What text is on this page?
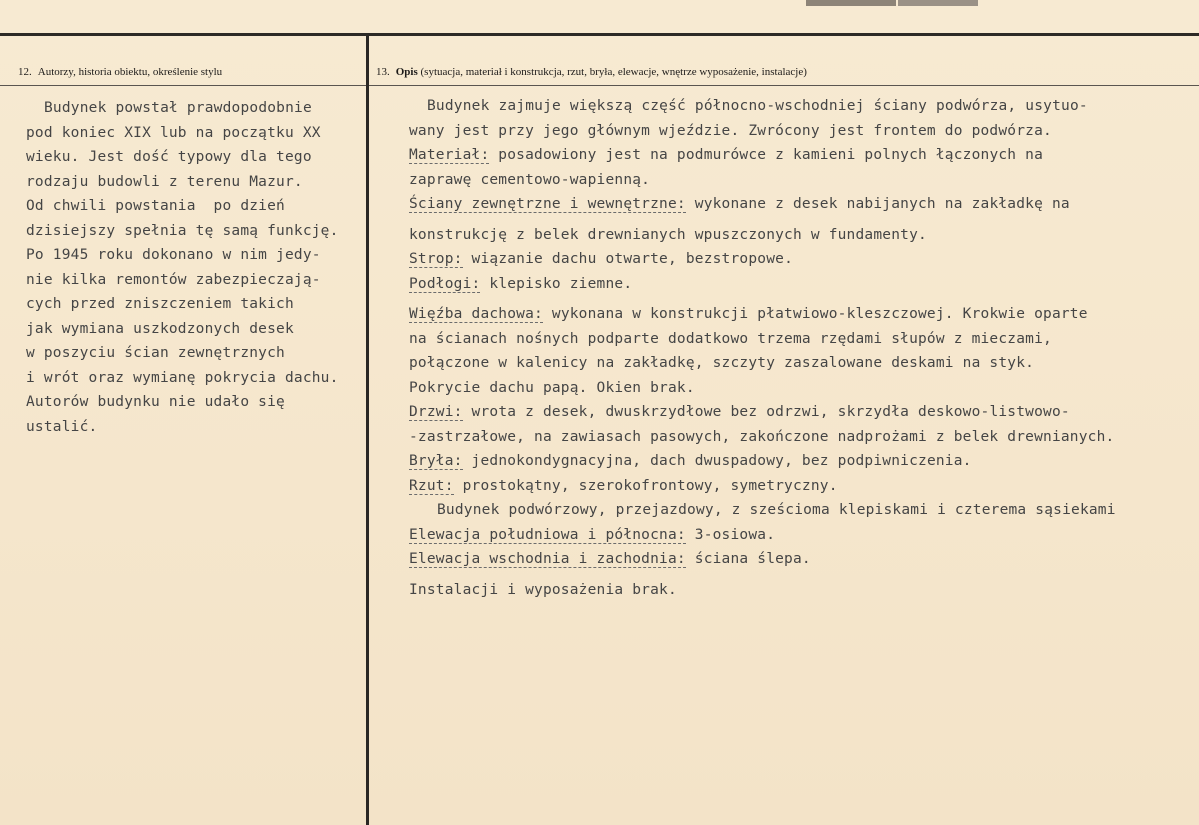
12. Autorzy, historia obiektu, określenie stylu	13. Opis (sytuacja, materiał i konstrukcja, rzut, bryła, elewacje, wnętrze wyposażenie, instalacje)
Budynek powstał prawdopodobnie
pod koniec XIX lub na początku XX
wieku. Jest dość typowy dla tego
rodzaju budowli z terenu Mazur.
Od chwili powstania  po dzień
dzisiejszy spełnia tę samą funkcję.
Po 1945 roku dokonano w nim jedy-
nie kilka remontów zabezpieczają-
cych przed zniszczeniem takich
jak wymiana uszkodzonych desek
w poszyciu ścian zewnętrznych
i wrót oraz wymianę pokrycia dachu.
Autorów budynku nie udało się
ustalić.
Budynek zajmuje większą część północno-wschodniej ściany podwórza, usytuo-
wany jest przy jego głównym wjeździe. Zwrócony jest frontem do podwórza.
Materiał: posadowiony jest na podmurówce z kamieni polnych łączonych na
zaprawę cementowo-wapienną.
Ściany zewnętrzne i wewnętrzne: wykonane z desek nabijanych na zakładkę na
konstrukcję z belek drewnianych wpuszczonych w fundamenty.
Strop: wiązanie dachu otwarte, bezstropowe.
Podłogi: klepisko ziemne.
Więźba dachowa: wykonana w konstrukcji płatwiowo-kleszczowej. Krokwie oparte
na ścianach nośnych podparte dodatkowo trzema rzędami słupów z mieczami,
połączone w kalenicy na zakładkę, szczyty zaszalowane deskami na styk.
Pokrycie dachu papą. Okien brak.
Drzwi: wrota z desek, dwuskrzydłowe bez odrzwi, skrzydła deskowo-listwowo-
-zastrzałowe, na zawiasach pasowych, zakończone nadprożami z belek drewnianych.
Bryła: jednokondygnacyjna, dach dwuspadowy, bez podpiwniczenia.
Rzut: prostokątny, szerokofrontowy, symetryczny.
Budynek podwórzowy, przejazdowy, z sześcioma klepiskami i czterema sąsiekami
Elewacja południowa i północna: 3-osiowa.
Elewacja wschodnia i zachodnia: ściana ślepa.
Instalacji i wyposażenia brak.
